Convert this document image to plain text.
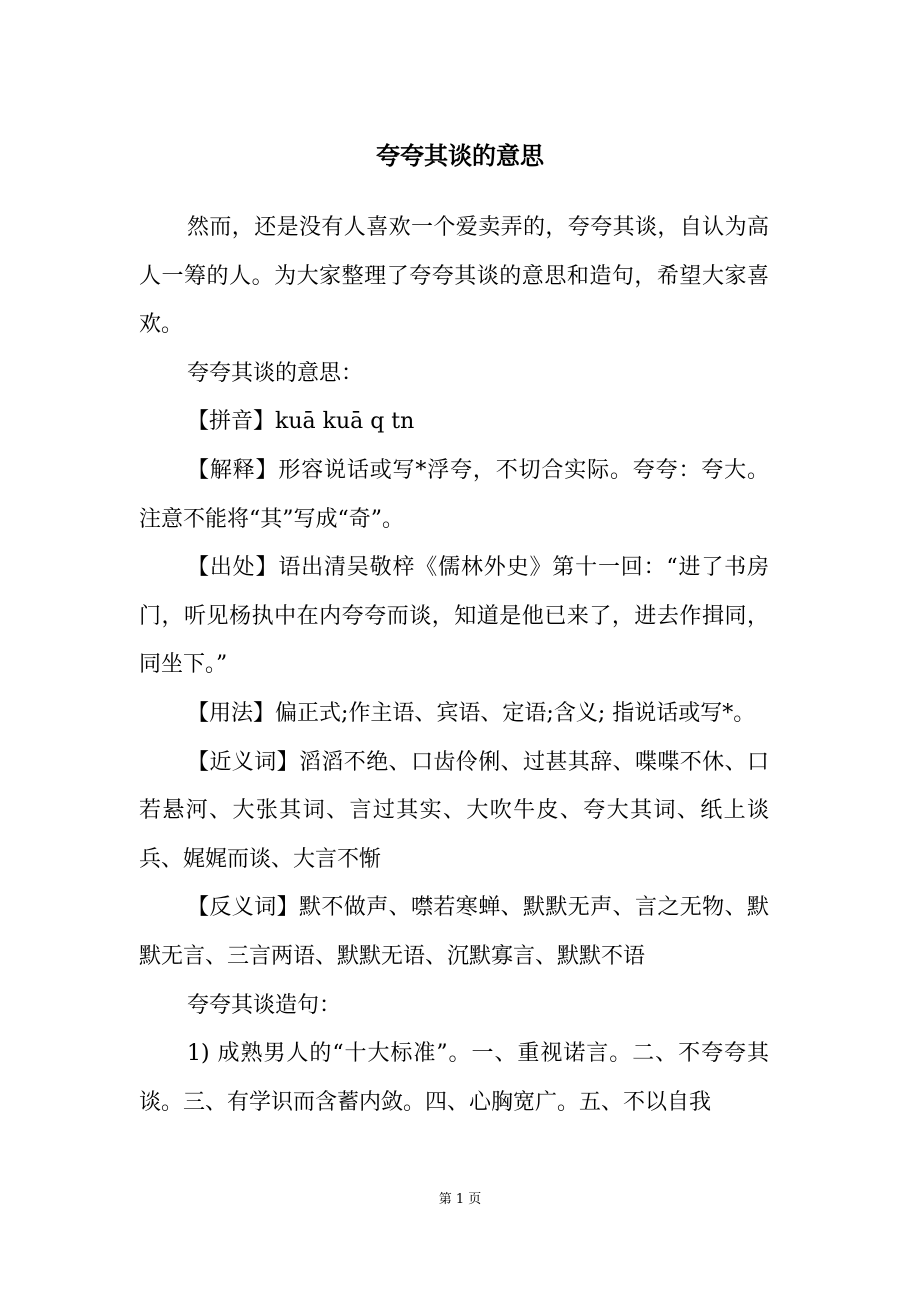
夸夸其谈的意思

然而，还是没有人喜欢一个爱卖弄的，夸夸其谈，自认为高人一筹的人。为大家整理了夸夸其谈的意思和造句，希望大家喜欢。

夸夸其谈的意思：

【拼音】kuā kuā q tn

【解释】形容说话或写*浮夸，不切合实际。夸夸：夸大。注意不能将“其”写成“奇”。

【出处】语出清吴敬梓《儒林外史》第十一回：“进了书房门，听见杨执中在内夸夸而谈，知道是他已来了，进去作揖同，同坐下。”

【用法】偏正式;作主语、宾语、定语;含义; 指说话或写*。

【近义词】滔滔不绝、口齿伶俐、过甚其辞、喋喋不休、口若悬河、大张其词、言过其实、大吹牛皮、夸大其词、纸上谈兵、娓娓而谈、大言不惭

【反义词】默不做声、噤若寒蝉、默默无声、言之无物、默默无言、三言两语、默默无语、沉默寡言、默默不语

夸夸其谈造句：

1) 成熟男人的“十大标准”。一、重视诺言。二、不夸夸其谈。三、有学识而含蓄内敛。四、心胸宽广。五、不以自我

第 1 页
